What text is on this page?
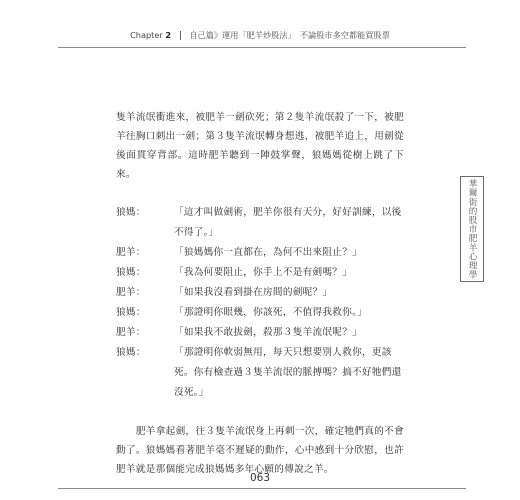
Chapter 2 自己篇》運用「肥羊炒股法」　不論股市多空都能買股票

隻羊流氓衝進來，被肥羊一劍砍死；第２隻羊流氓殺了一下，被肥羊往胸口刺出一劍；第３隻羊流氓轉身想逃，被肥羊追上，用劍從後面貫穿背部。這時肥羊聽到一陣鼓掌聲，狼媽媽從樹上跳了下來。

狼媽：	「這才叫做劍術，肥羊你很有天分，好好訓練，以後不得了。」
肥羊：	「狼媽媽你一直都在，為何不出來阻止？」
狼媽：	「我為何要阻止，你手上不是有劍嗎？」
肥羊：	「如果我沒看到掛在房間的劍呢？」
狼媽：	「那證明你眼幾，你該死，不值得我救你。」
肥羊：	「如果我不敢拔劍，殺那３隻羊流氓呢？」
狼媽：	「那證明你軟弱無用，每天只想要別人救你，更該死。你有檢查過３隻羊流氓的脈搏嗎？搞不好牠們還沒死。」

　　肥羊拿起劍，往３隻羊流氓身上再刺一次，確定牠們真的不會動了。狼媽媽看著肥羊毫不遲疑的動作，心中感到十分欣慰，也許肥羊就是那個能完成狼媽媽多年心願的傳說之羊。

華爾街的股市肥羊心理學
063
